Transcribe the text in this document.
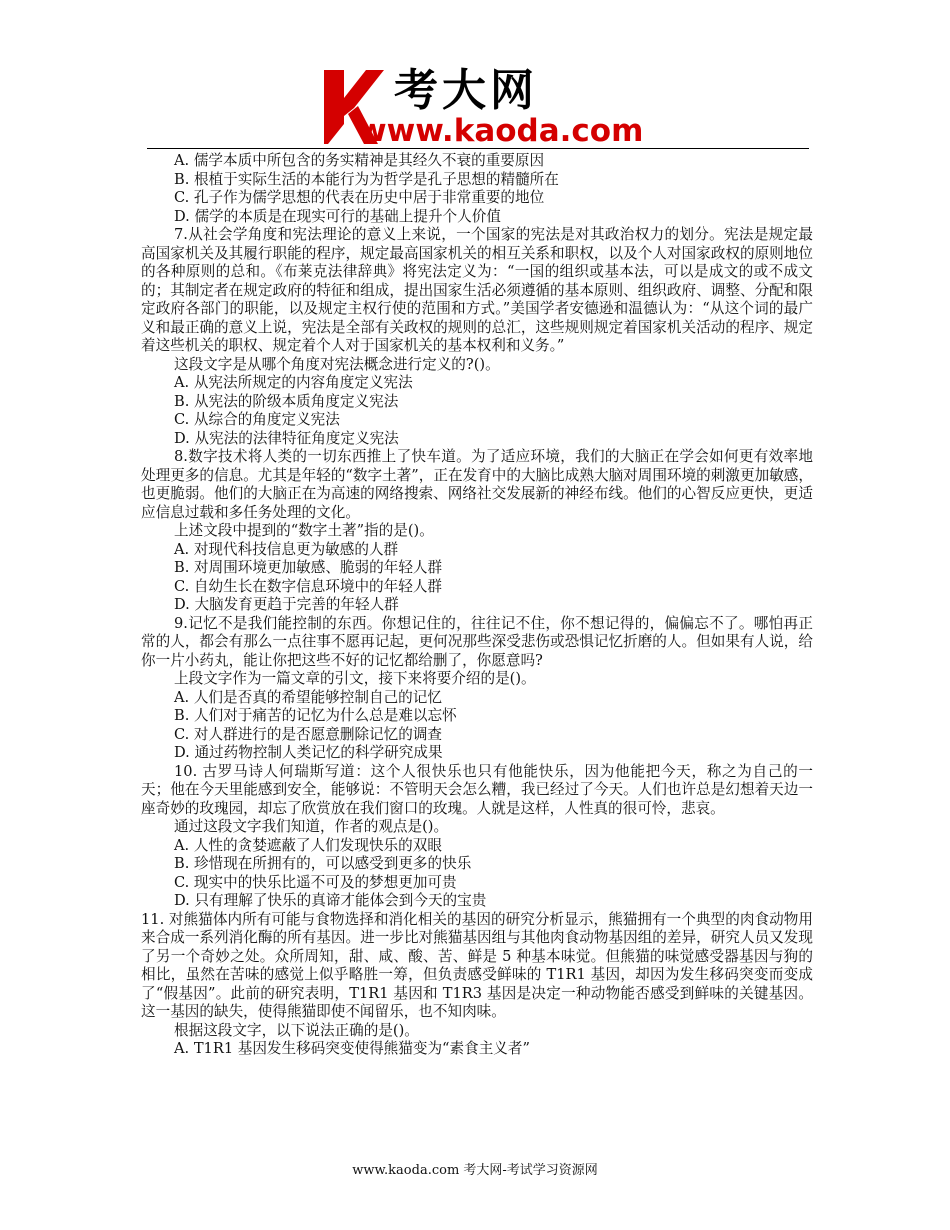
考大网
www.kaoda.com

A. 儒学本质中所包含的务实精神是其经久不衰的重要原因

B. 根植于实际生活的本能行为为哲学是孔子思想的精髓所在

C. 孔子作为儒学思想的代表在历史中居于非常重要的地位

D. 儒学的本质是在现实可行的基础上提升个人价值

7.从社会学角度和宪法理论的意义上来说，一个国家的宪法是对其政治权力的划分。宪法是规定最高国家机关及其履行职能的程序，规定最高国家机关的相互关系和职权，以及个人对国家政权的原则地位的各种原则的总和。《布莱克法律辞典》将宪法定义为：“一国的组织或基本法，可以是成文的或不成文的；其制定者在规定政府的特征和组成，提出国家生活必须遵循的基本原则、组织政府、调整、分配和限定政府各部门的职能，以及规定主权行使的范围和方式。”美国学者安德逊和温德认为：“从这个词的最广义和最正确的意义上说，宪法是全部有关政权的规则的总汇，这些规则规定着国家机关活动的程序、规定着这些机关的职权、规定着个人对于国家机关的基本权利和义务。”

这段文字是从哪个角度对宪法概念进行定义的?()。

A. 从宪法所规定的内容角度定义宪法

B. 从宪法的阶级本质角度定义宪法

C. 从综合的角度定义宪法

D. 从宪法的法律特征角度定义宪法

8.数字技术将人类的一切东西推上了快车道。为了适应环境，我们的大脑正在学会如何更有效率地处理更多的信息。尤其是年轻的“数字土著”，正在发育中的大脑比成熟大脑对周围环境的刺激更加敏感，也更脆弱。他们的大脑正在为高速的网络搜索、网络社交发展新的神经布线。他们的心智反应更快，更适应信息过载和多任务处理的文化。

上述文段中提到的“数字土著”指的是()。

A. 对现代科技信息更为敏感的人群

B. 对周围环境更加敏感、脆弱的年轻人群

C. 自幼生长在数字信息环境中的年轻人群

D. 大脑发育更趋于完善的年轻人群

9.记忆不是我们能控制的东西。你想记住的，往往记不住，你不想记得的，偏偏忘不了。哪怕再正常的人，都会有那么一点往事不愿再记起，更何况那些深受悲伤或恐惧记忆折磨的人。但如果有人说，给你一片小药丸，能让你把这些不好的记忆都给删了，你愿意吗?

上段文字作为一篇文章的引文，接下来将要介绍的是()。

A. 人们是否真的希望能够控制自己的记忆

B. 人们对于痛苦的记忆为什么总是难以忘怀

C. 对人群进行的是否愿意删除记忆的调查

D. 通过药物控制人类记忆的科学研究成果

10. 古罗马诗人何瑞斯写道：这个人很快乐也只有他能快乐，因为他能把今天，称之为自己的一天；他在今天里能感到安全，能够说：不管明天会怎么糟，我已经过了今天。人们也许总是幻想着天边一座奇妙的玫瑰园，却忘了欣赏放在我们窗口的玫瑰。人就是这样，人性真的很可怜，悲哀。

通过这段文字我们知道，作者的观点是()。

A. 人性的贪婪遮蔽了人们发现快乐的双眼

B. 珍惜现在所拥有的，可以感受到更多的快乐

C. 现实中的快乐比遥不可及的梦想更加可贵

D. 只有理解了快乐的真谛才能体会到今天的宝贵

11. 对熊猫体内所有可能与食物选择和消化相关的基因的研究分析显示，熊猫拥有一个典型的肉食动物用来合成一系列消化酶的所有基因。进一步比对熊猫基因组与其他肉食动物基因组的差异，研究人员又发现了另一个奇妙之处。众所周知，甜、咸、酸、苦、鲜是 5 种基本味觉。但熊猫的味觉感受器基因与狗的相比，虽然在苦味的感觉上似乎略胜一筹，但负责感受鲜味的 T1R1 基因，却因为发生移码突变而变成了“假基因”。此前的研究表明，T1R1 基因和 T1R3 基因是决定一种动物能否感受到鲜味的关键基因。这一基因的缺失，使得熊猫即使不闻留乐，也不知肉味。

根据这段文字，以下说法正确的是()。

A. T1R1 基因发生移码突变使得熊猫变为“素食主义者”

www.kaoda.com 考大网-考试学习资源网
